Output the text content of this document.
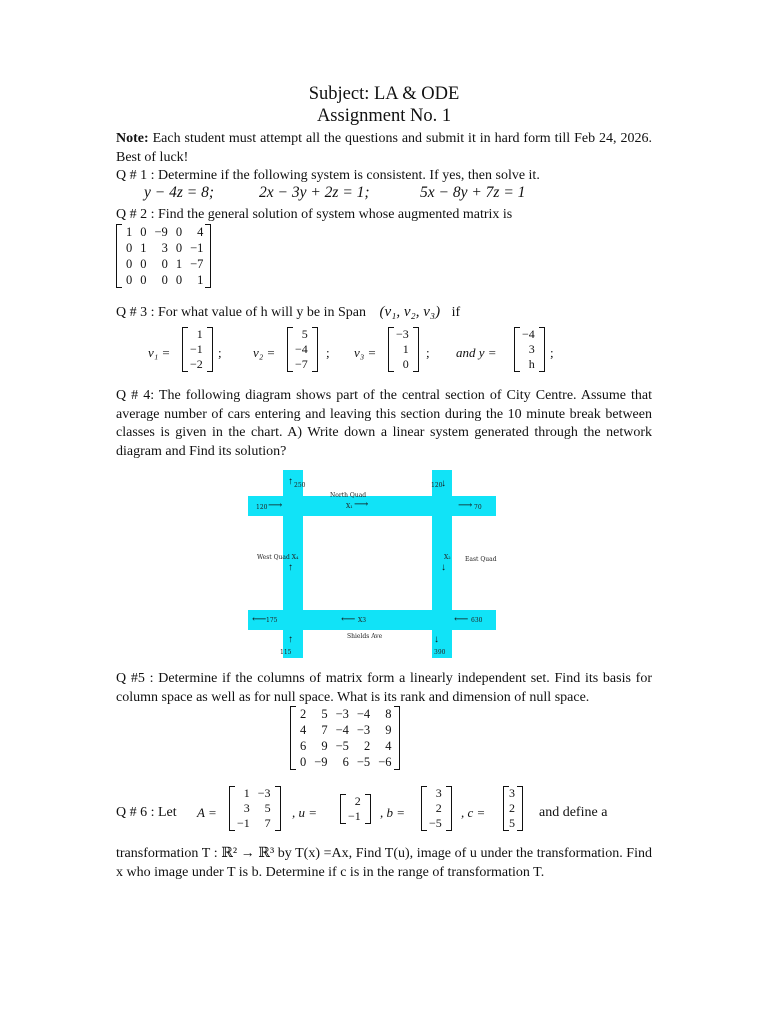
Subject: LA & ODE
Assignment No. 1
Note: Each student must attempt all the questions and submit it in hard form till Feb 24, 2026. Best of luck!
Q # 1 : Determine if the following system is consistent. If yes, then solve it.
y − 4z = 8;	2x − 3y + 2z = 1;	5x − 8y + 7z = 1
Q # 2 : Find the general solution of system whose augmented matrix is
1	0	−9	0	4
0	1	3	0	−1
0	0	0	1	−7
0	0	0	0	1
Q # 3 : For what value of h will y be in Span (v₁, v₂, v₃) if
v₁ =
1
−1
−2
; v₂ =
5
−4
−7
; v₃ =
−3
1
0
; and y =
−4
3
h
;
Q # 4: The following diagram shows part of the central section of City Centre. Assume that average number of cars entering and leaving this section during the 10 minute break between classes is given in the chart. A) Write down a linear system generated through the network diagram and Find its solution?
↑ 250	120
↓
North Quad
X₁ ⟶
120 ⟶	⟶ 70
West Quad X₄
↑
X₂ East Quad
↓
⟵ 175	⟵ X3	⟵ 630
Shields Ave
↑
115
↓
390
Q #5 : Determine if the columns of matrix form a linearly independent set. Find its basis for column space as well as for null space. What is its rank and dimension of null space.
2	5	−3	−4	8
4	7	−4	−3	9
6	9	−5	2	4
0	−9	6	−5	−6
Q # 6 : Let A =
1	−3
3	5
−1	7
, u =
2
−1 , b =
3
2
−5
, c =
3
2
5
and define a
transformation T : ℝ² → ℝ³ by T(x) =Ax, Find T(u), image of u under the transformation. Find x who image under T is b. Determine if c is in the range of transformation T.
